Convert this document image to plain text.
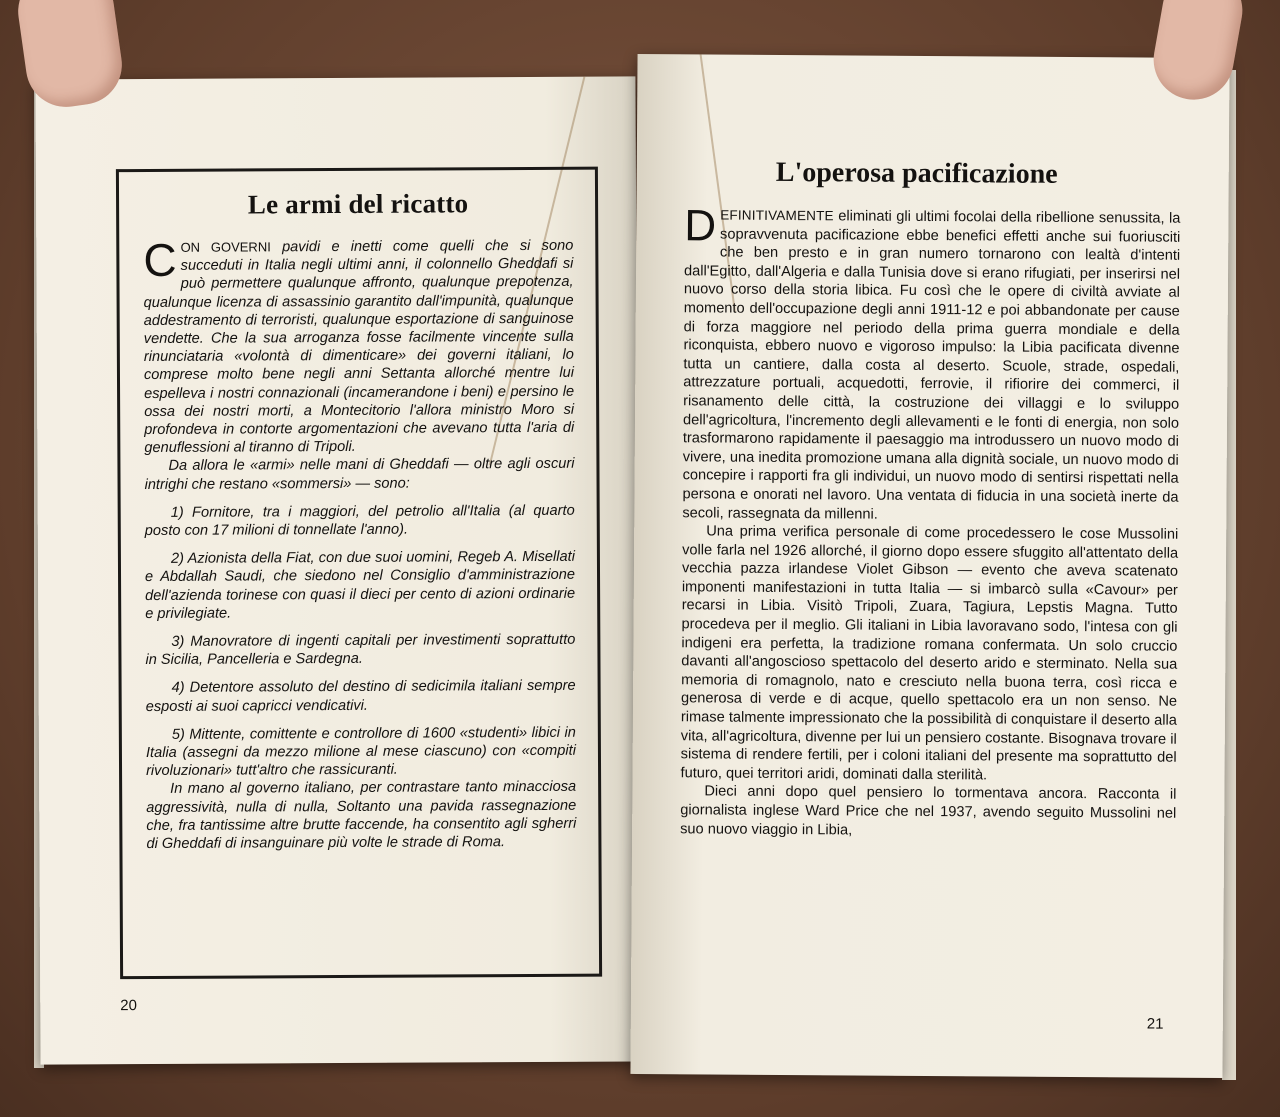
Le armi del ricatto

CON GOVERNI pavidi e inetti come quelli che si sono succeduti in Italia negli ultimi anni, il colonnello Gheddafi si può permettere qualunque affronto, qualunque prepotenza, qualunque licenza di assassinio garantito dall'impunità, qualunque addestramento di terroristi, qualunque esportazione di sanguinose vendette. Che la sua arroganza fosse facilmente vincente sulla rinunciataria «volontà di dimenticare» dei governi italiani, lo comprese molto bene negli anni Settanta allorché mentre lui espelleva i nostri connazionali (incamerandone i beni) e persino le ossa dei nostri morti, a Montecitorio l'allora ministro Moro si profondeva in contorte argomentazioni che avevano tutta l'aria di genuflessioni al tiranno di Tripoli.

Da allora le «armi» nelle mani di Gheddafi — oltre agli oscuri intrighi che restano «sommersi» — sono:

1) Fornitore, tra i maggiori, del petrolio all'Italia (al quarto posto con 17 milioni di tonnellate l'anno).

2) Azionista della Fiat, con due suoi uomini, Regeb A. Misellati e Abdallah Saudi, che siedono nel Consiglio d'amministrazione dell'azienda torinese con quasi il dieci per cento di azioni ordinarie e privilegiate.

3) Manovratore di ingenti capitali per investimenti soprattutto in Sicilia, Pancelleria e Sardegna.

4) Detentore assoluto del destino di sedicimila italiani sempre esposti ai suoi capricci vendicativi.

5) Mittente, comittente e controllore di 1600 «studenti» libici in Italia (assegni da mezzo milione al mese ciascuno) con «compiti rivoluzionari» tutt'altro che rassicuranti.

In mano al governo italiano, per contrastare tanto minacciosa aggressività, nulla di nulla, Soltanto una pavida rassegnazione che, fra tantissime altre brutte faccende, ha consentito agli sgherri di Gheddafi di insanguinare più volte le strade di Roma.

20
L'operosa pacificazione

DEFINITIVAMENTE eliminati gli ultimi focolai della ribellione senussita, la sopravvenuta pacificazione ebbe benefici effetti anche sui fuoriusciti che ben presto e in gran numero tornarono con lealtà d'intenti dall'Egitto, dall'Algeria e dalla Tunisia dove si erano rifugiati, per inserirsi nel nuovo corso della storia libica. Fu così che le opere di civiltà avviate al momento dell'occupazione degli anni 1911-12 e poi abbandonate per cause di forza maggiore nel periodo della prima guerra mondiale e della riconquista, ebbero nuovo e vigoroso impulso: la Libia pacificata divenne tutta un cantiere, dalla costa al deserto. Scuole, strade, ospedali, attrezzature portuali, acquedotti, ferrovie, il rifiorire dei commerci, il risanamento delle città, la costruzione dei villaggi e lo sviluppo dell'agricoltura, l'incremento degli allevamenti e le fonti di energia, non solo trasformarono rapidamente il paesaggio ma introdussero un nuovo modo di vivere, una inedita promozione umana alla dignità sociale, un nuovo modo di concepire i rapporti fra gli individui, un nuovo modo di sentirsi rispettati nella persona e onorati nel lavoro. Una ventata di fiducia in una società inerte da secoli, rassegnata da millenni.

Una prima verifica personale di come procedessero le cose Mussolini volle farla nel 1926 allorché, il giorno dopo essere sfuggito all'attentato della vecchia pazza irlandese Violet Gibson — evento che aveva scatenato imponenti manifestazioni in tutta Italia — si imbarcò sulla «Cavour» per recarsi in Libia. Visitò Tripoli, Zuara, Tagiura, Lepstis Magna. Tutto procedeva per il meglio. Gli italiani in Libia lavoravano sodo, l'intesa con gli indigeni era perfetta, la tradizione romana confermata. Un solo cruccio davanti all'angoscioso spettacolo del deserto arido e sterminato. Nella sua memoria di romagnolo, nato e cresciuto nella buona terra, così ricca e generosa di verde e di acque, quello spettacolo era un non senso. Ne rimase talmente impressionato che la possibilità di conquistare il deserto alla vita, all'agricoltura, divenne per lui un pensiero costante. Bisognava trovare il sistema di rendere fertili, per i coloni italiani del presente ma soprattutto del futuro, quei territori aridi, dominati dalla sterilità.

Dieci anni dopo quel pensiero lo tormentava ancora. Racconta il giornalista inglese Ward Price che nel 1937, avendo seguito Mussolini nel suo nuovo viaggio in Libia,

21
